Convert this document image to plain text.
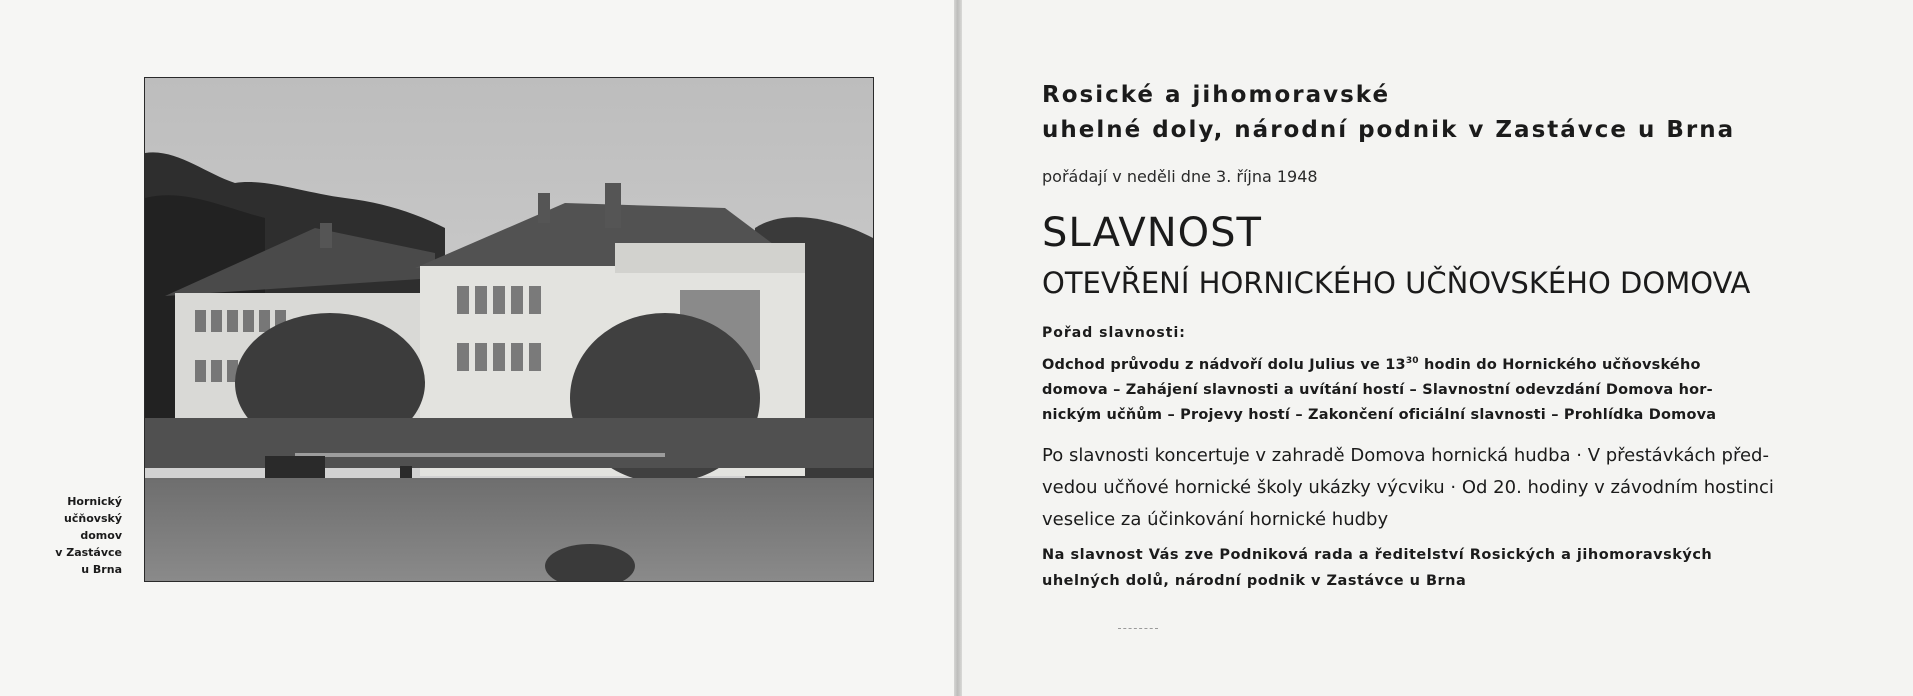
Hornický
učňovský
domov
v Zastávce
u Brna
Rosické a jihomoravské
uhelné doly, národní podnik v Zastávce u Brna
pořádají v neděli dne 3. října 1948
SLAVNOST
OTEVŘENÍ HORNICKÉHO UČŇOVSKÉHO DOMOVA
Pořad slavnosti:
Odchod průvodu z nádvoří dolu Julius ve $13^{30}$ hodin do Hornického učňovského
domova – Zahájení slavnosti a uvítání hostí – Slavnostní odevzdání Domova hor-
nickým učňům – Projevy hostí – Zakončení oficiální slavnosti – Prohlídka Domova
Po slavnosti koncertuje v zahradě Domova hornická hudba · V přestávkách před-
vedou učňové hornické školy ukázky výcviku · Od 20. hodiny v závodním hostinci
veselice za účinkování hornické hudby
Na slavnost Vás zve Podniková rada a ředitelství Rosických a jihomoravských
uhelných dolů, národní podnik v Zastávce u Brna
